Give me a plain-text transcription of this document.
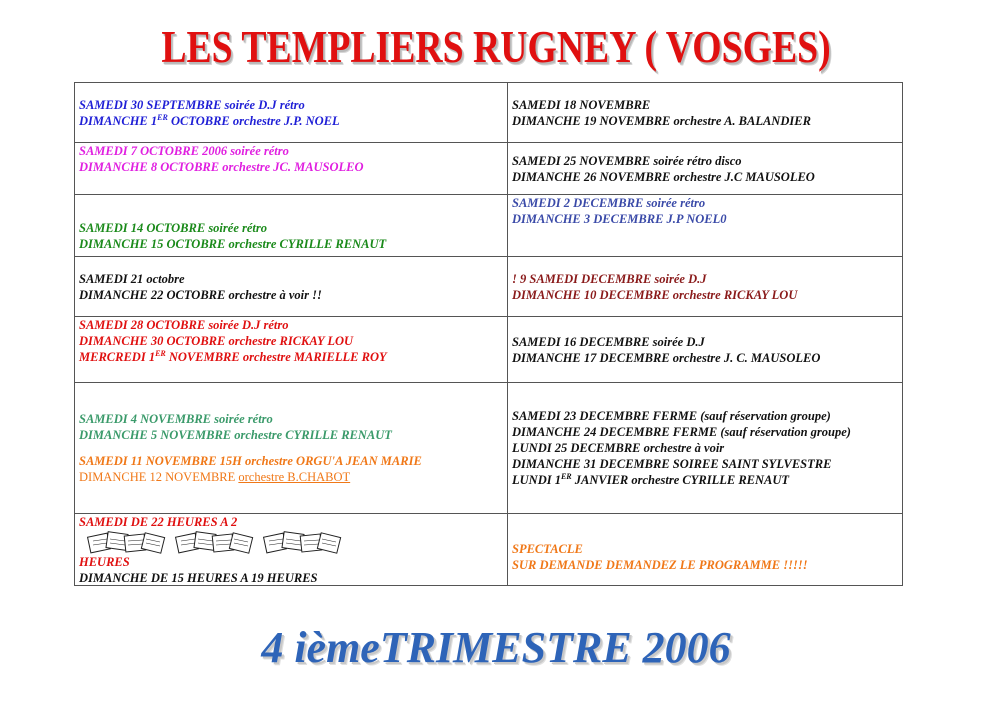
LES TEMPLIERS RUGNEY ( VOSGES)
SAMEDI 30 SEPTEMBRE soirée D.J rétro
DIMANCHE 1ER OCTOBRE orchestre J.P. NOEL
SAMEDI 18 NOVEMBRE
DIMANCHE 19 NOVEMBRE orchestre A. BALANDIER
SAMEDI 7 OCTOBRE 2006 soirée rétro
DIMANCHE 8 OCTOBRE orchestre JC. MAUSOLEO	SAMEDI 25 NOVEMBRE soirée rétro disco
DIMANCHE 26 NOVEMBRE orchestre J.C MAUSOLEO
SAMEDI 14 OCTOBRE soirée rétro
DIMANCHE 15 OCTOBRE orchestre CYRILLE RENAUT
SAMEDI 2 DECEMBRE soirée rétro
DIMANCHE 3 DECEMBRE J.P NOEL0
SAMEDI 21 octobre
DIMANCHE 22 OCTOBRE orchestre à voir !!
! 9 SAMEDI DECEMBRE soirée D.J
DIMANCHE 10 DECEMBRE orchestre RICKAY LOU
SAMEDI 28 OCTOBRE soirée D.J rétro
DIMANCHE 30 OCTOBRE orchestre RICKAY LOU
MERCREDI 1ER NOVEMBRE orchestre MARIELLE ROY
SAMEDI 16 DECEMBRE soirée D.J
DIMANCHE 17 DECEMBRE orchestre J. C. MAUSOLEO
SAMEDI 4 NOVEMBRE soirée rétro
DIMANCHE 5 NOVEMBRE orchestre CYRILLE RENAUT
SAMEDI 11 NOVEMBRE 15H orchestre ORGU'A JEAN MARIE
DIMANCHE 12 NOVEMBRE orchestre B.CHABOT
SAMEDI 23 DECEMBRE FERME (sauf réservation groupe)
DIMANCHE 24 DECEMBRE FERME (sauf réservation groupe)
LUNDI 25 DECEMBRE orchestre à voir
DIMANCHE 31 DECEMBRE SOIREE SAINT SYLVESTRE
LUNDI 1ER JANVIER orchestre CYRILLE RENAUT
SAMEDI DE 22 HEURES A 2
HEURES
DIMANCHE DE 15 HEURES A 19 HEURES
SPECTACLE
SUR DEMANDE DEMANDEZ LE PROGRAMME !!!!!
4 ièmeTRIMESTRE 2006
